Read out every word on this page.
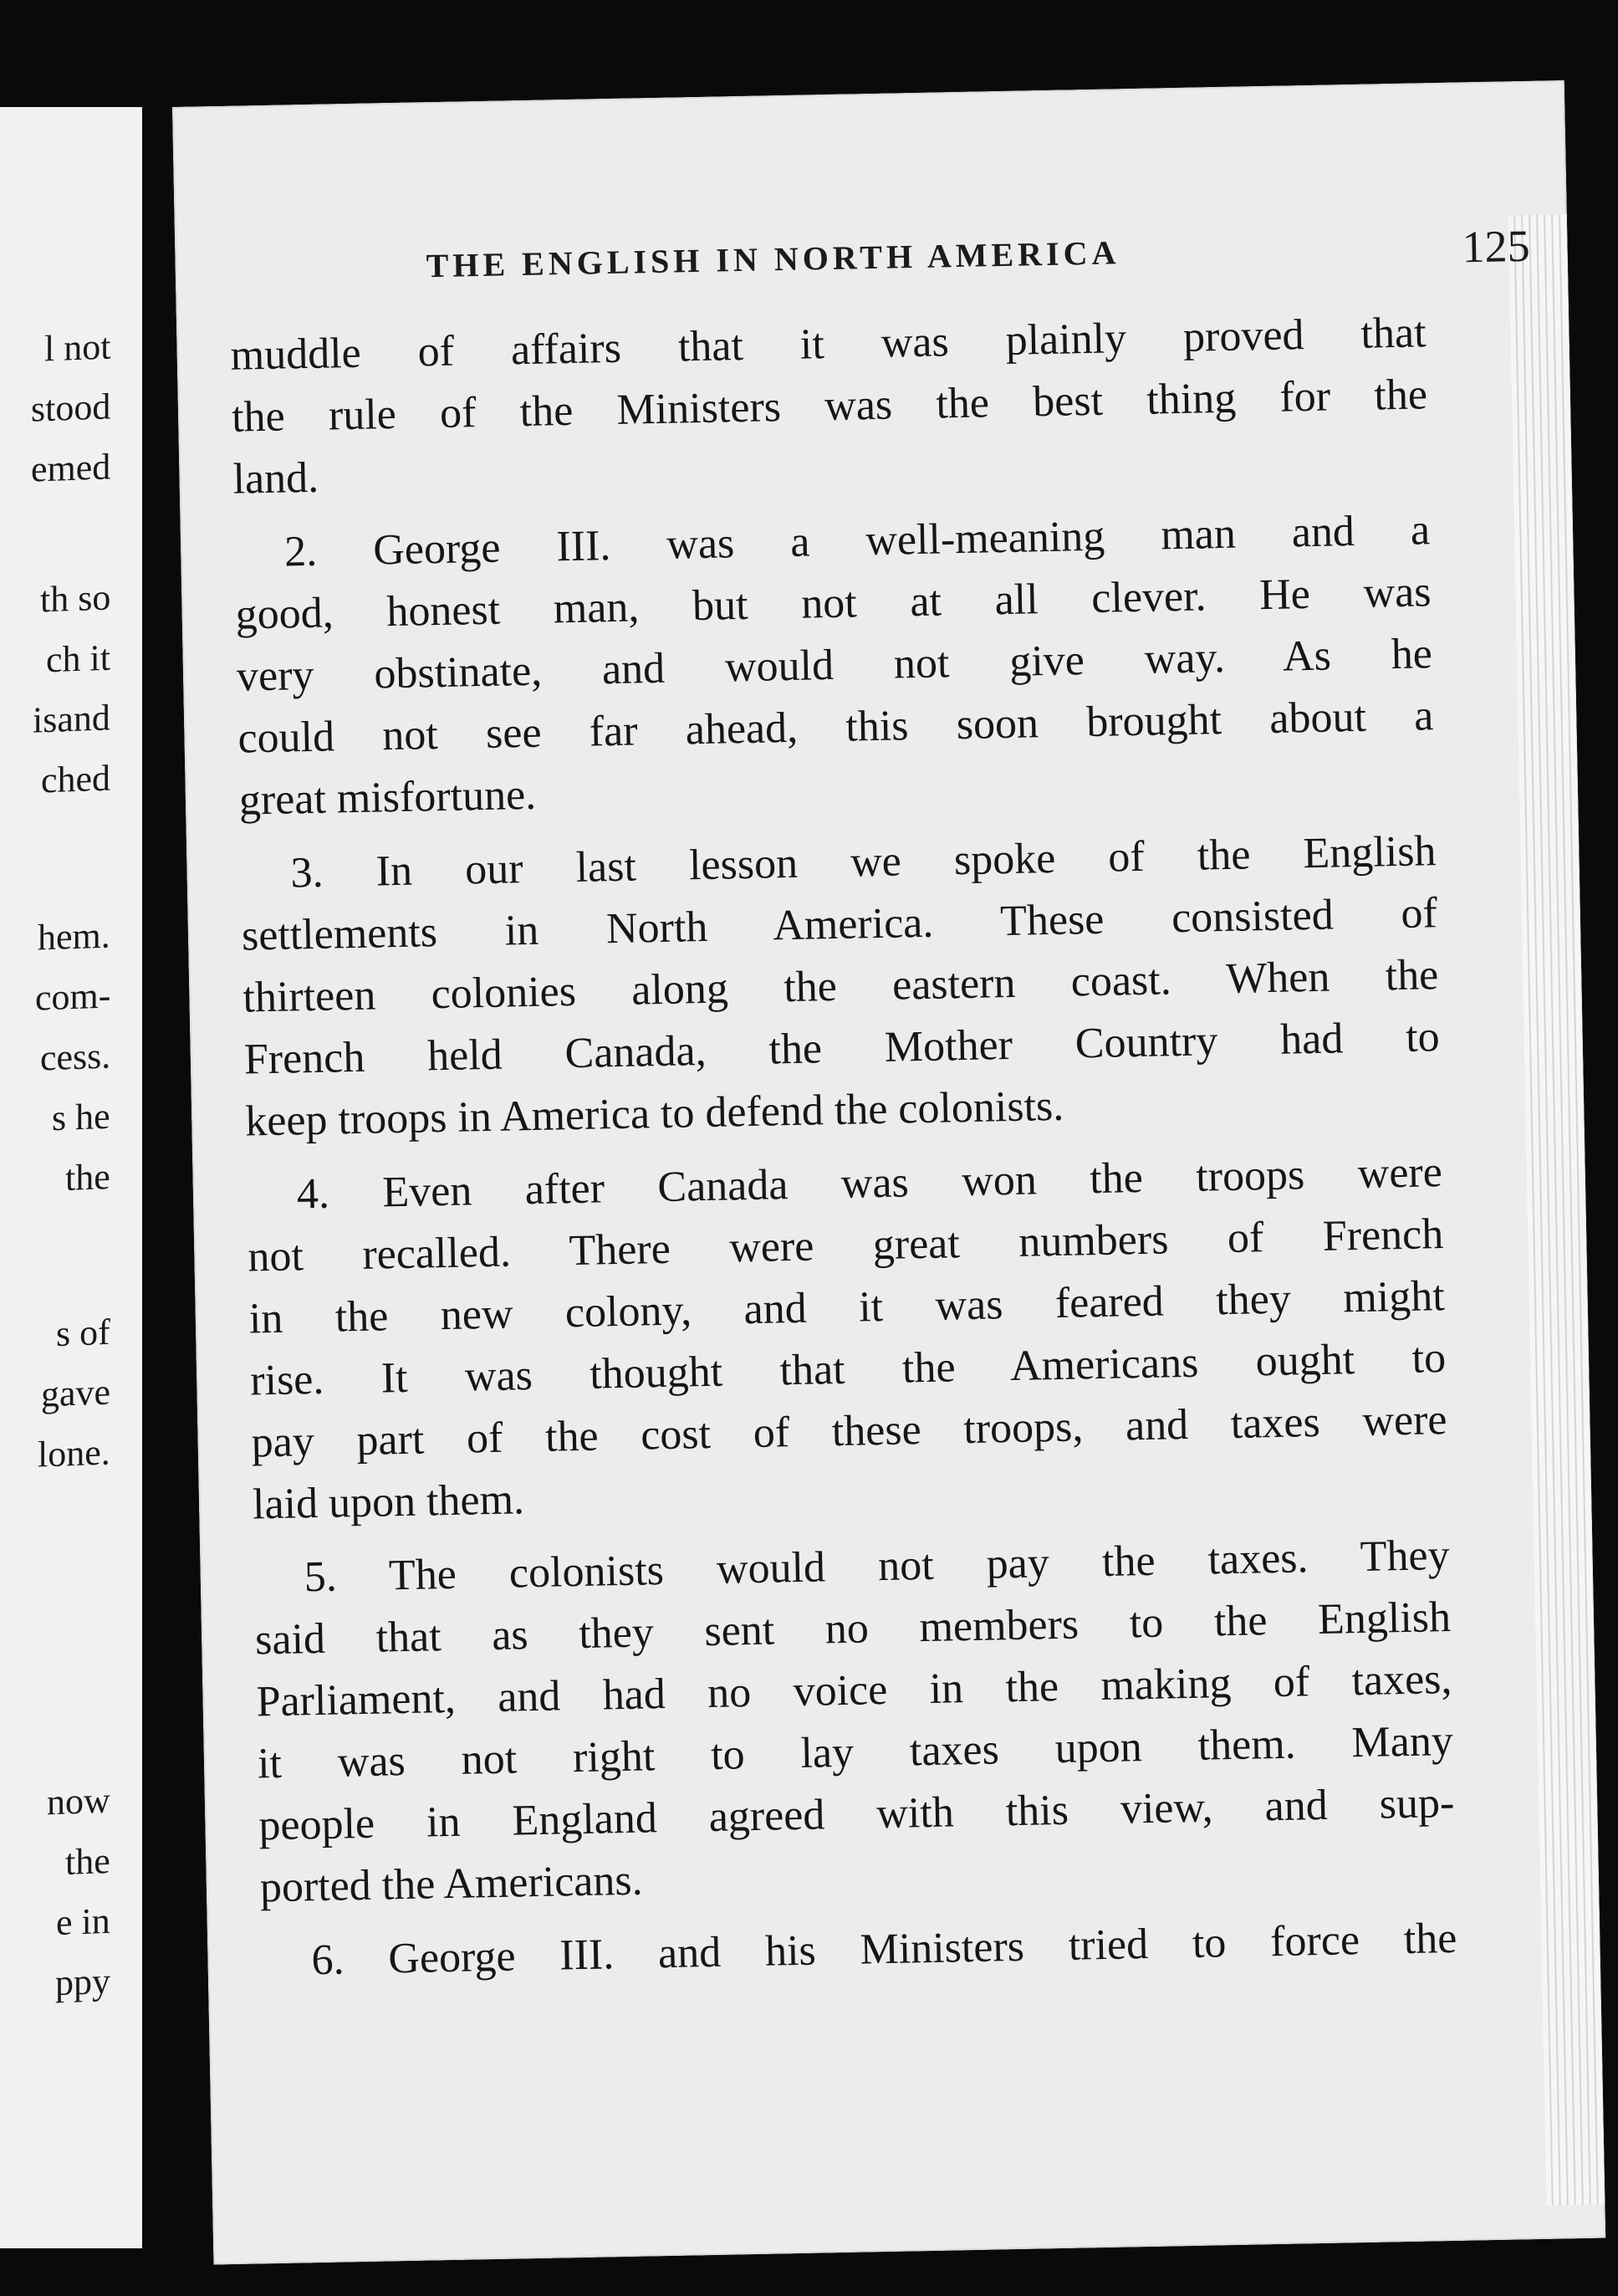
l not
stood
emed
th so
ch it
isand
ched
hem.
com-
cess.
s he
the
s of
gave
lone.
now
the
e in
ppy
THE ENGLISH IN NORTH AMERICA	125
muddle of affairs that it was plainly proved that
the rule of the Ministers was the best thing for the
land.
2. George III. was a well-meaning man and a
good, honest man, but not at all clever. He was
very obstinate, and would not give way. As he
could not see far ahead, this soon brought about a
great misfortune.
3. In our last lesson we spoke of the English
settlements in North America. These consisted of
thirteen colonies along the eastern coast. When the
French held Canada, the Mother Country had to
keep troops in America to defend the colonists.
4. Even after Canada was won the troops were
not recalled. There were great numbers of French
in the new colony, and it was feared they might
rise. It was thought that the Americans ought to
pay part of the cost of these troops, and taxes were
laid upon them.
5. The colonists would not pay the taxes. They
said that as they sent no members to the English
Parliament, and had no voice in the making of taxes,
it was not right to lay taxes upon them. Many
people in England agreed with this view, and sup-
ported the Americans.
6. George III. and his Ministers tried to force the
